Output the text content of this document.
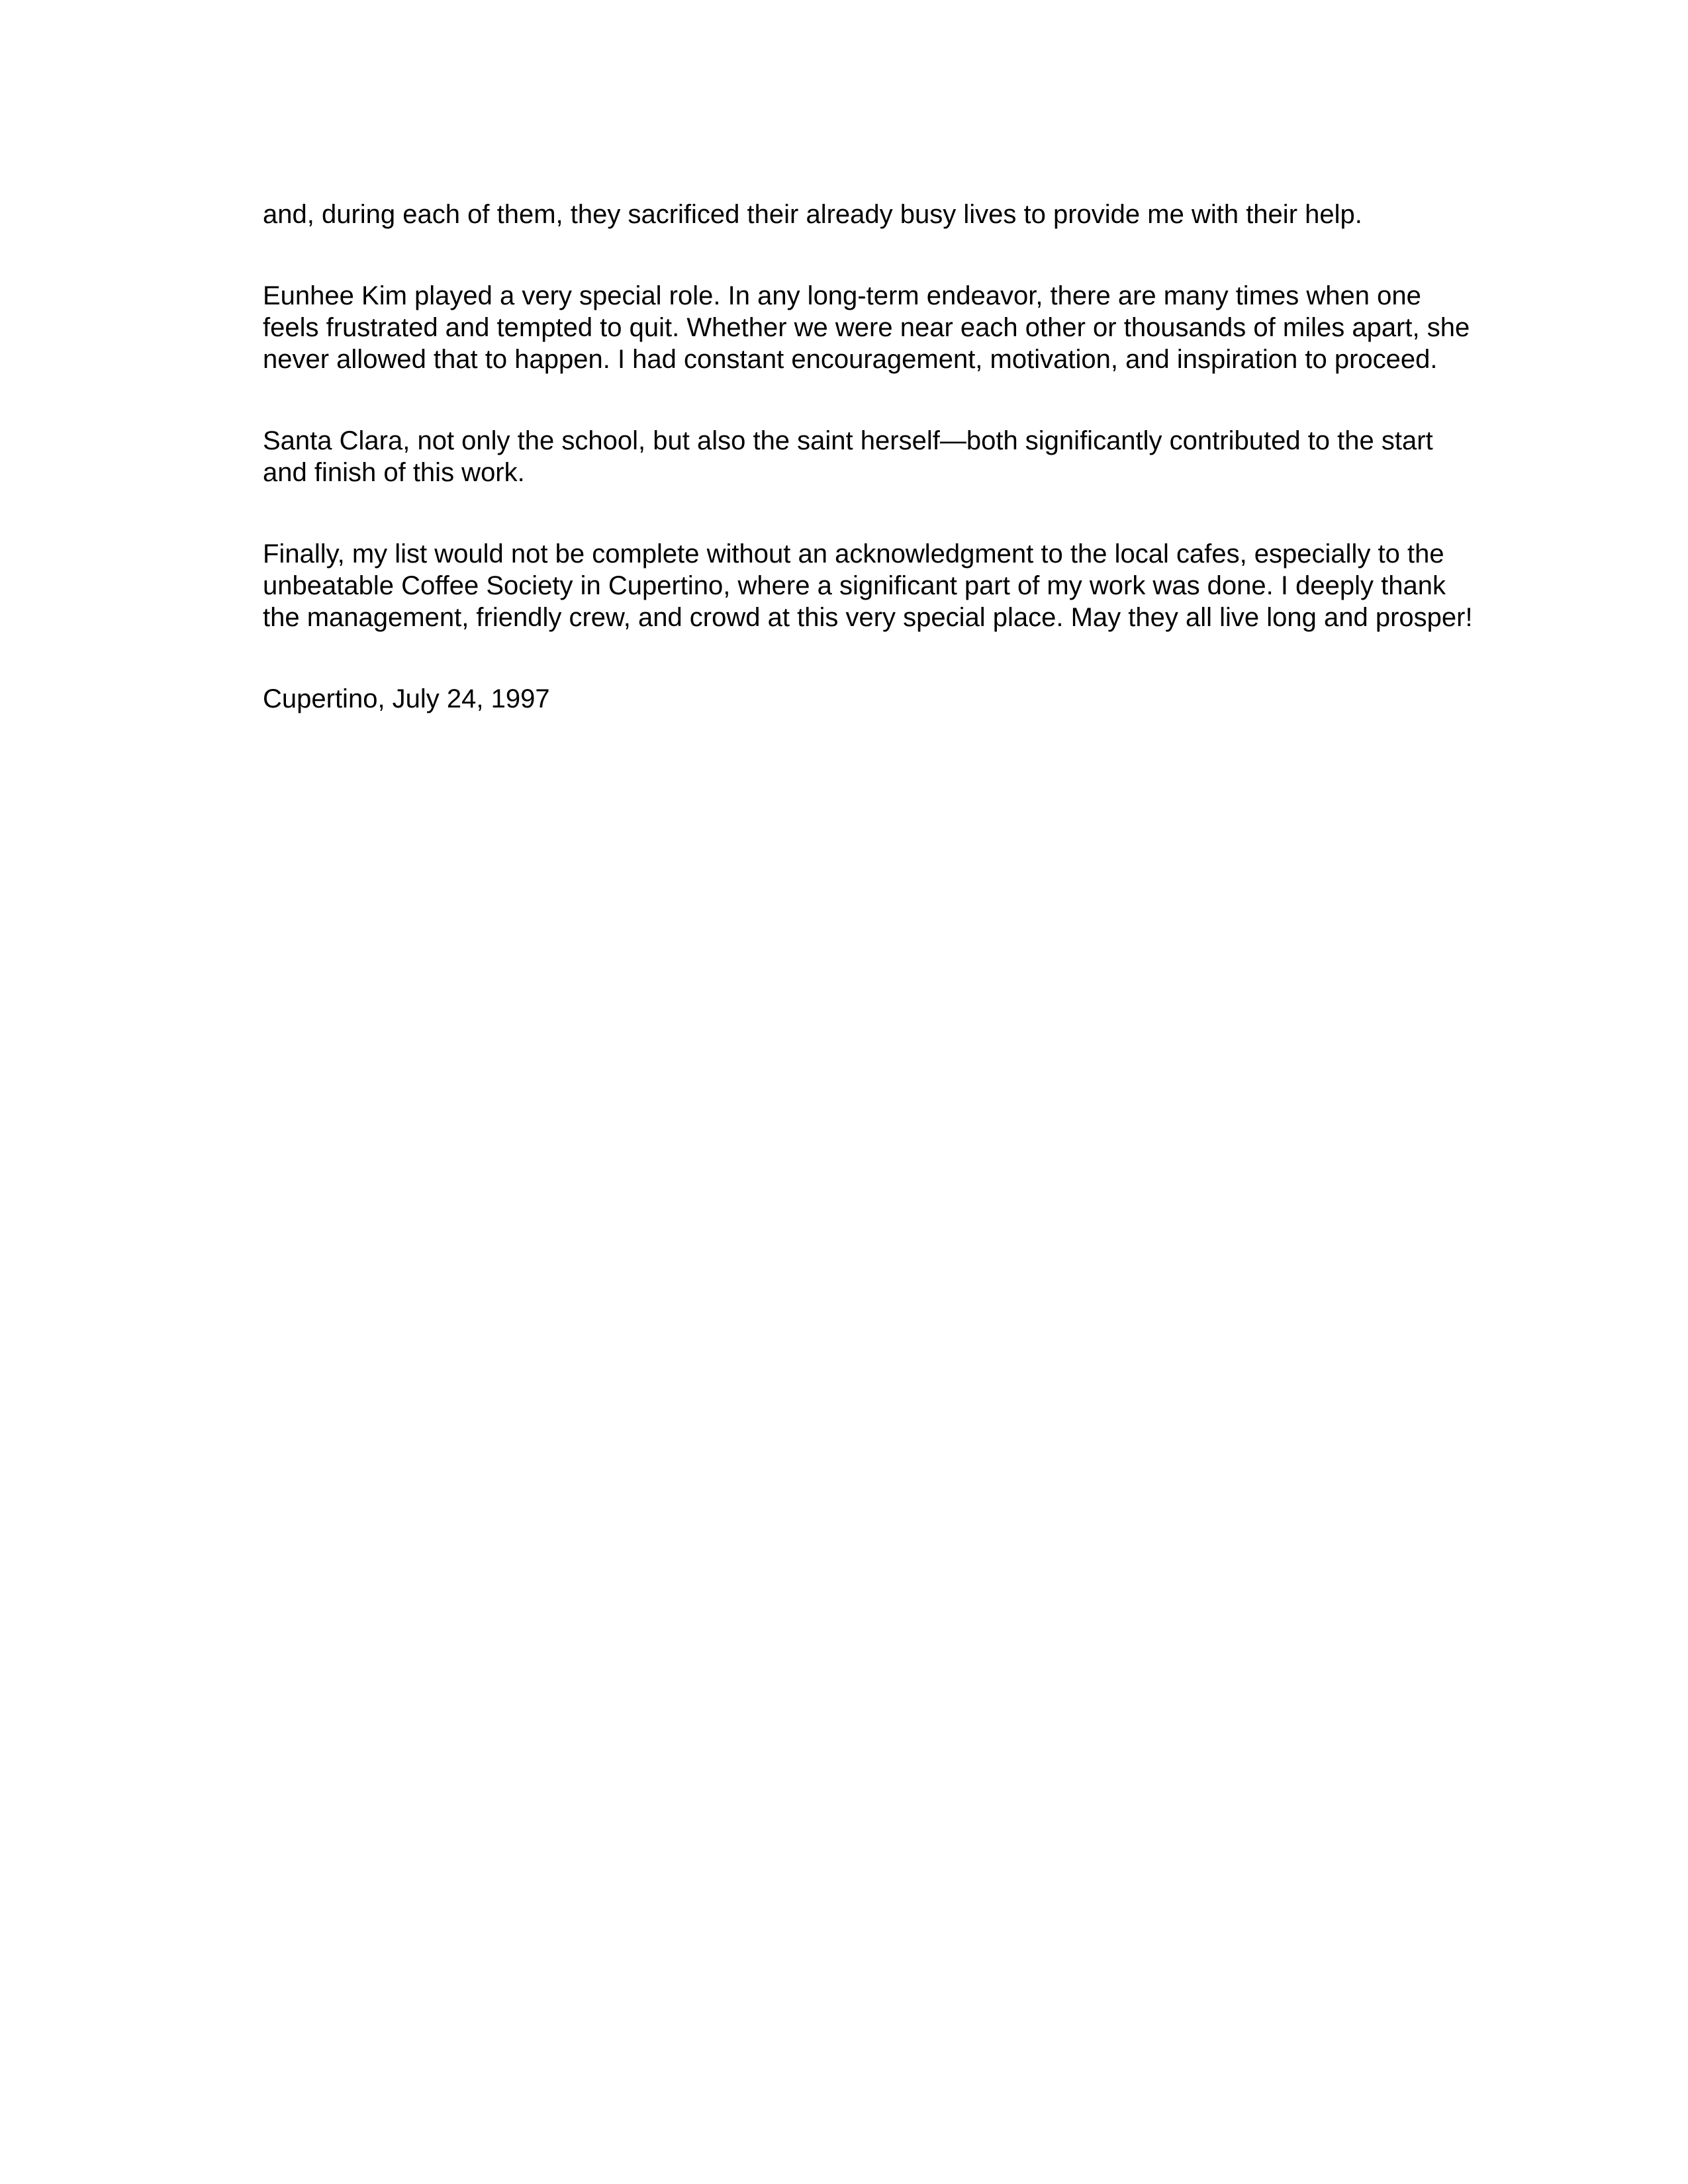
and, during each of them, they sacrificed their already busy lives to provide me with their help.

Eunhee Kim played a very special role. In any long-term endeavor, there are many times when one feels frustrated and tempted to quit. Whether we were near each other or thousands of miles apart, she never allowed that to happen. I had constant encouragement, motivation, and inspiration to proceed.

Santa Clara, not only the school, but also the saint herself—both significantly contributed to the start and finish of this work.

Finally, my list would not be complete without an acknowledgment to the local cafes, especially to the unbeatable Coffee Society in Cupertino, where a significant part of my work was done. I deeply thank the management, friendly crew, and crowd at this very special place. May they all live long and prosper!

Cupertino, July 24, 1997
